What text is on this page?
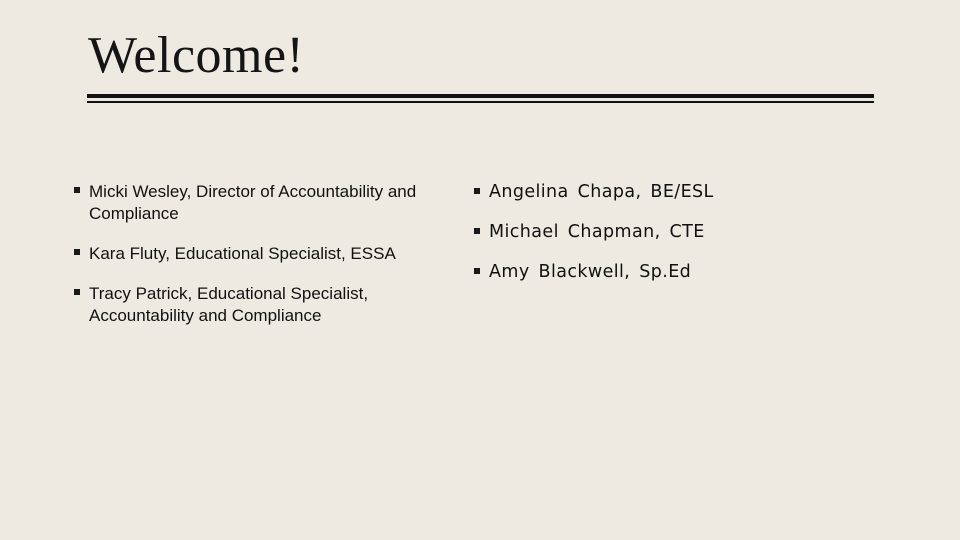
Welcome!
Micki Wesley, Director of Accountability and Compliance
Kara Fluty, Educational Specialist, ESSA
Tracy Patrick, Educational Specialist, Accountability and Compliance
Angelina Chapa, BE/ESL
Michael Chapman, CTE
Amy Blackwell, Sp.Ed
